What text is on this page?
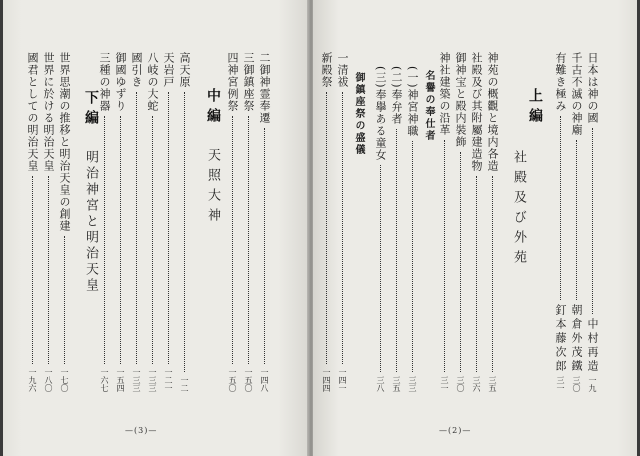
二御神霊奉遷
一四八
三御鎮座祭
一五〇
四神宮例祭
一五〇
中編
天照大神
高天原
一二
天岩戸
一二一
八岐の大蛇
一三三
國引き
一三三
御國ゆずり
一五四
三種の神器
一六七
下編
明治神宮と明治天皇
世界思潮の推移と明治天皇の創建
一七〇
世界に於ける明治天皇
一八〇
國君としての明治天皇
一九六
—(3)—
日本は神の國
中村再造
一九
千古不滅の神廟
朝倉外茂鐵
三〇
有難き極み
釘本藤次郎
三一
上編
社殿及び外苑
神苑の概觀と境内各造
三五
社殿及び其附屬建造物
三六
御神宝と殿内裝飾
三〇
神社建築の沿革
三一
名譽の奉仕者
(一)神宮神職
三三
(二)奉弁者
三五
(三)奉擧ある童女
三八
御鎮座祭の盛儀
一清祓
一四一
新殿祭
一四四
—(2)—
